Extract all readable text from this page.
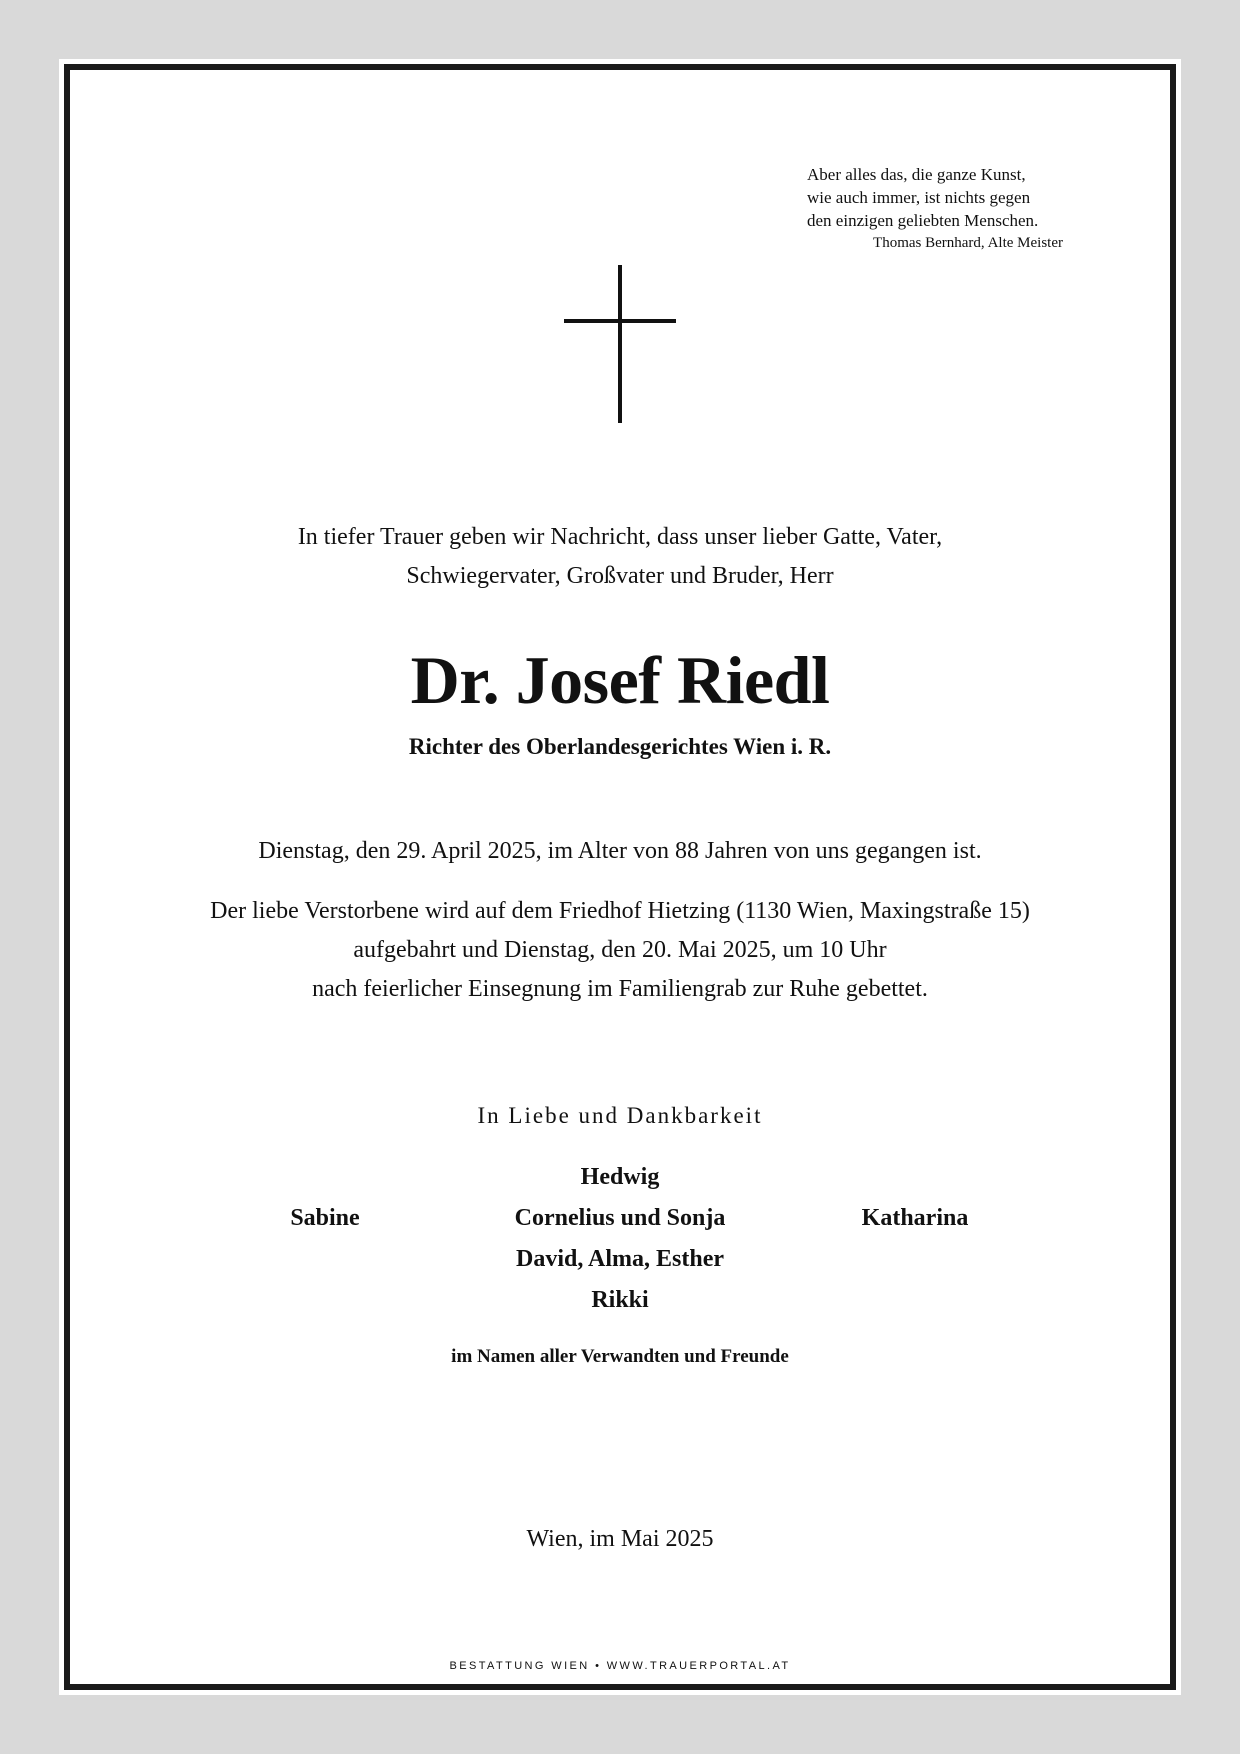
Aber alles das, die ganze Kunst,
wie auch immer, ist nichts gegen
den einzigen geliebten Menschen.
Thomas Bernhard, Alte Meister
In tiefer Trauer geben wir Nachricht, dass unser lieber Gatte, Vater,
Schwiegervater, Großvater und Bruder, Herr
Dr. Josef Riedl
Richter des Oberlandesgerichtes Wien i. R.
Dienstag, den 29. April 2025, im Alter von 88 Jahren von uns gegangen ist.
Der liebe Verstorbene wird auf dem Friedhof Hietzing (1130 Wien, Maxingstraße 15)
aufgebahrt und Dienstag, den 20. Mai 2025, um 10 Uhr
nach feierlicher Einsegnung im Familiengrab zur Ruhe gebettet.
In Liebe und Dankbarkeit
Hedwig
Cornelius und Sonja
David, Alma, Esther
Rikki
Sabine	Katharina
im Namen aller Verwandten und Freunde
Wien, im Mai 2025
BESTATTUNG WIEN • WWW.TRAUERPORTAL.AT
